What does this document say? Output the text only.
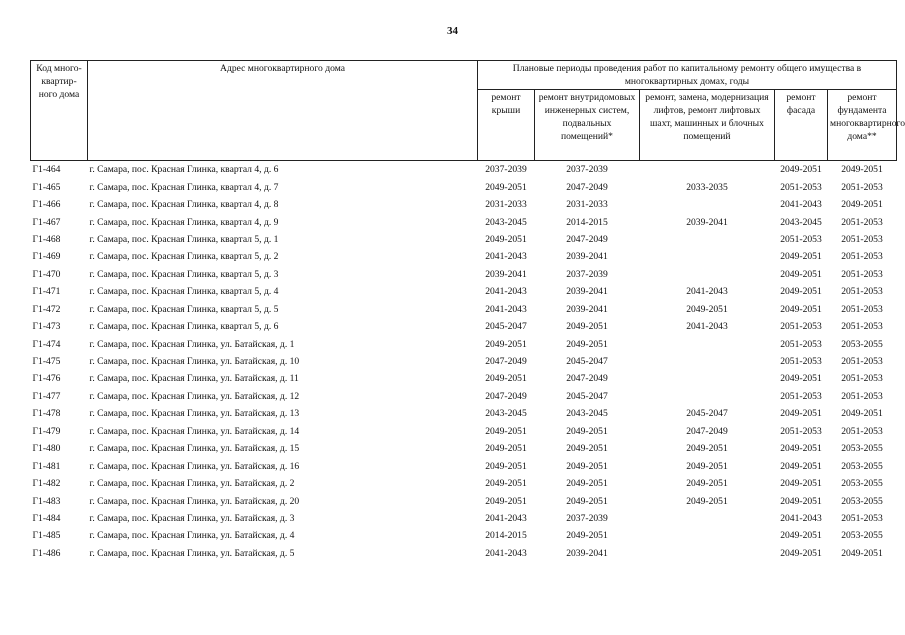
34
Код много-квартир-ного дома	Адрес многоквартирного дома	Плановые периоды проведения работ по капитальному ремонту общего имущества в многоквартирных домах, годы				
		ремонт крыши	ремонт внутридомовых инженерных систем, подвальных помещений*	ремонт, замена, модернизация лифтов, ремонт лифтовых шахт, машинных и блочных помещений	ремонт фасада	ремонт фундамента многоквартирного дома**
Г1-464	г. Самара, пос. Красная Глинка, квартал 4, д. 6	2037-2039	2037-2039		2049-2051	2049-2051
Г1-465	г. Самара, пос. Красная Глинка, квартал 4, д. 7	2049-2051	2047-2049	2033-2035	2051-2053	2051-2053
Г1-466	г. Самара, пос. Красная Глинка, квартал 4, д. 8	2031-2033	2031-2033		2041-2043	2049-2051
Г1-467	г. Самара, пос. Красная Глинка, квартал 4, д. 9	2043-2045	2014-2015	2039-2041	2043-2045	2051-2053
Г1-468	г. Самара, пос. Красная Глинка, квартал 5, д. 1	2049-2051	2047-2049		2051-2053	2051-2053
Г1-469	г. Самара, пос. Красная Глинка, квартал 5, д. 2	2041-2043	2039-2041		2049-2051	2051-2053
Г1-470	г. Самара, пос. Красная Глинка, квартал 5, д. 3	2039-2041	2037-2039		2049-2051	2051-2053
Г1-471	г. Самара, пос. Красная Глинка, квартал 5, д. 4	2041-2043	2039-2041	2041-2043	2049-2051	2051-2053
Г1-472	г. Самара, пос. Красная Глинка, квартал 5, д. 5	2041-2043	2039-2041	2049-2051	2049-2051	2051-2053
Г1-473	г. Самара, пос. Красная Глинка, квартал 5, д. 6	2045-2047	2049-2051	2041-2043	2051-2053	2051-2053
Г1-474	г. Самара, пос. Красная Глинка, ул. Батайская, д. 1	2049-2051	2049-2051		2051-2053	2053-2055
Г1-475	г. Самара, пос. Красная Глинка, ул. Батайская, д. 10	2047-2049	2045-2047		2051-2053	2051-2053
Г1-476	г. Самара, пос. Красная Глинка, ул. Батайская, д. 11	2049-2051	2047-2049		2049-2051	2051-2053
Г1-477	г. Самара, пос. Красная Глинка, ул. Батайская, д. 12	2047-2049	2045-2047		2051-2053	2051-2053
Г1-478	г. Самара, пос. Красная Глинка, ул. Батайская, д. 13	2043-2045	2043-2045	2045-2047	2049-2051	2049-2051
Г1-479	г. Самара, пос. Красная Глинка, ул. Батайская, д. 14	2049-2051	2049-2051	2047-2049	2051-2053	2051-2053
Г1-480	г. Самара, пос. Красная Глинка, ул. Батайская, д. 15	2049-2051	2049-2051	2049-2051	2049-2051	2053-2055
Г1-481	г. Самара, пос. Красная Глинка, ул. Батайская, д. 16	2049-2051	2049-2051	2049-2051	2049-2051	2053-2055
Г1-482	г. Самара, пос. Красная Глинка, ул. Батайская, д. 2	2049-2051	2049-2051	2049-2051	2049-2051	2053-2055
Г1-483	г. Самара, пос. Красная Глинка, ул. Батайская, д. 20	2049-2051	2049-2051	2049-2051	2049-2051	2053-2055
Г1-484	г. Самара, пос. Красная Глинка, ул. Батайская, д. 3	2041-2043	2037-2039		2041-2043	2051-2053
Г1-485	г. Самара, пос. Красная Глинка, ул. Батайская, д. 4	2014-2015	2049-2051		2049-2051	2053-2055
Г1-486	г. Самара, пос. Красная Глинка, ул. Батайская, д. 5	2041-2043	2039-2041		2049-2051	2049-2051
